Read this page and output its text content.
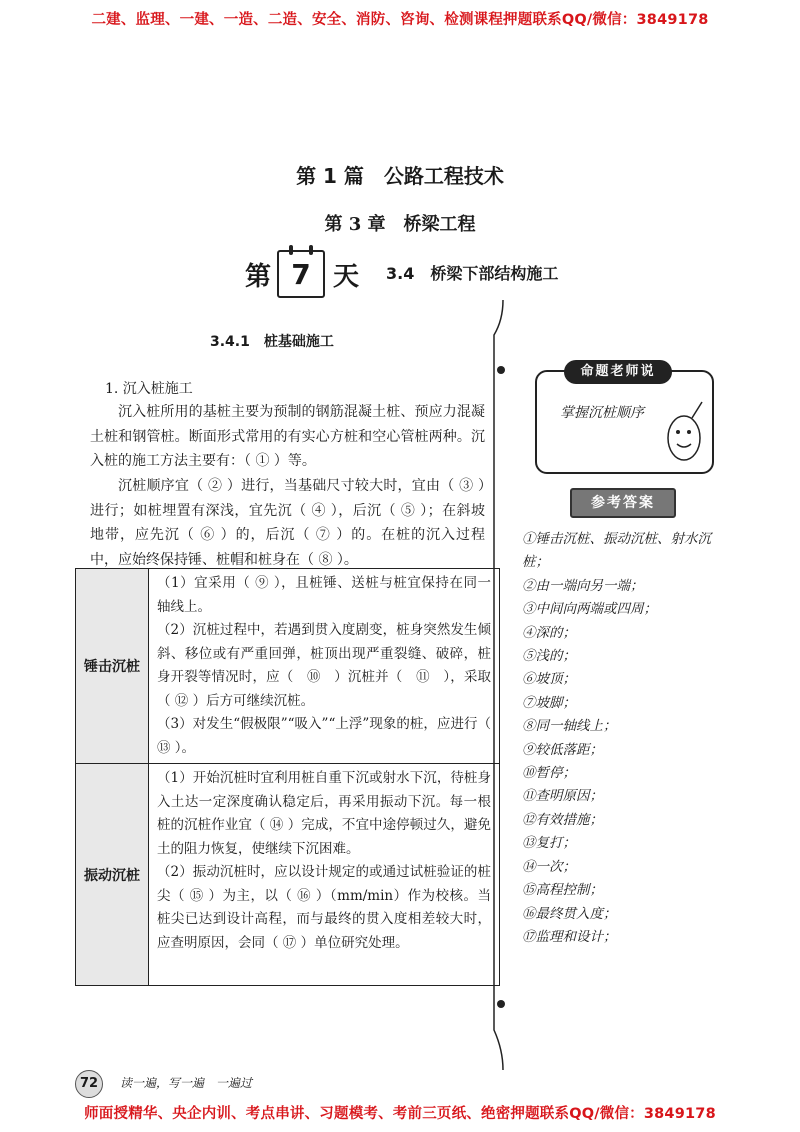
二建、监理、一建、一造、二造、安全、消防、咨询、检测课程押题联系QQ/微信：3849178
第 1 篇　公路工程技术
第 3 章　桥梁工程
第 7 天 3.4　桥梁下部结构施工
3.4.1　桩基础施工
1. 沉入桩施工
沉入桩所用的基桩主要为预制的钢筋混凝土桩、预应力混凝土桩和钢管桩。断面形式常用的有实心方桩和空心管桩两种。沉入桩的施工方法主要有：（ ① ）等。
沉桩顺序宜（ ② ）进行，当基础尺寸较大时，宜由（ ③ ）进行；如桩埋置有深浅，宜先沉（ ④ ），后沉（ ⑤ ）；在斜坡地带，应先沉（ ⑥ ）的，后沉（ ⑦ ）的。在桩的沉入过程中，应始终保持锤、桩帽和桩身在（ ⑧ ）。
锤击沉桩	（1）宜采用（ ⑨ ），且桩锤、送桩与桩宜保持在同一轴线上。
（2）沉桩过程中，若遇到贯入度剧变，桩身突然发生倾斜、移位或有严重回弹，桩顶出现严重裂缝、破碎，桩身开裂等情况时，应（　⑩　）沉桩并（　⑪　），采取（ ⑫ ）后方可继续沉桩。
（3）对发生“假极限”“吸入”“上浮”现象的桩，应进行（ ⑬ ）。

振动沉桩	（1）开始沉桩时宜利用桩自重下沉或射水下沉，待桩身入土达一定深度确认稳定后，再采用振动下沉。每一根桩的沉桩作业宜（ ⑭ ）完成，不宜中途停顿过久，避免土的阻力恢复，使继续下沉困难。
（2）振动沉桩时，应以设计规定的或通过试桩验证的桩尖（ ⑮ ）为主，以（ ⑯ ）（mm/min）作为校核。当桩尖已达到设计高程，而与最终的贯入度相差较大时，应查明原因，会同（ ⑰ ）单位研究处理。
命题老师说
掌握沉桩顺序
参考答案
①锤击沉桩、振动沉桩、射水沉桩；
②由一端向另一端；
③中间向两端或四周；
④深的；
⑤浅的；
⑥坡顶；
⑦坡脚；
⑧同一轴线上；
⑨较低落距；
⑩暂停；
⑪查明原因；
⑫有效措施；
⑬复打；
⑭一次；
⑮高程控制；
⑯最终贯入度；
⑰监理和设计；
72	读一遍，写一遍　一遍过
师面授精华、央企内训、考点串讲、习题模考、考前三页纸、绝密押题联系QQ/微信：3849178
